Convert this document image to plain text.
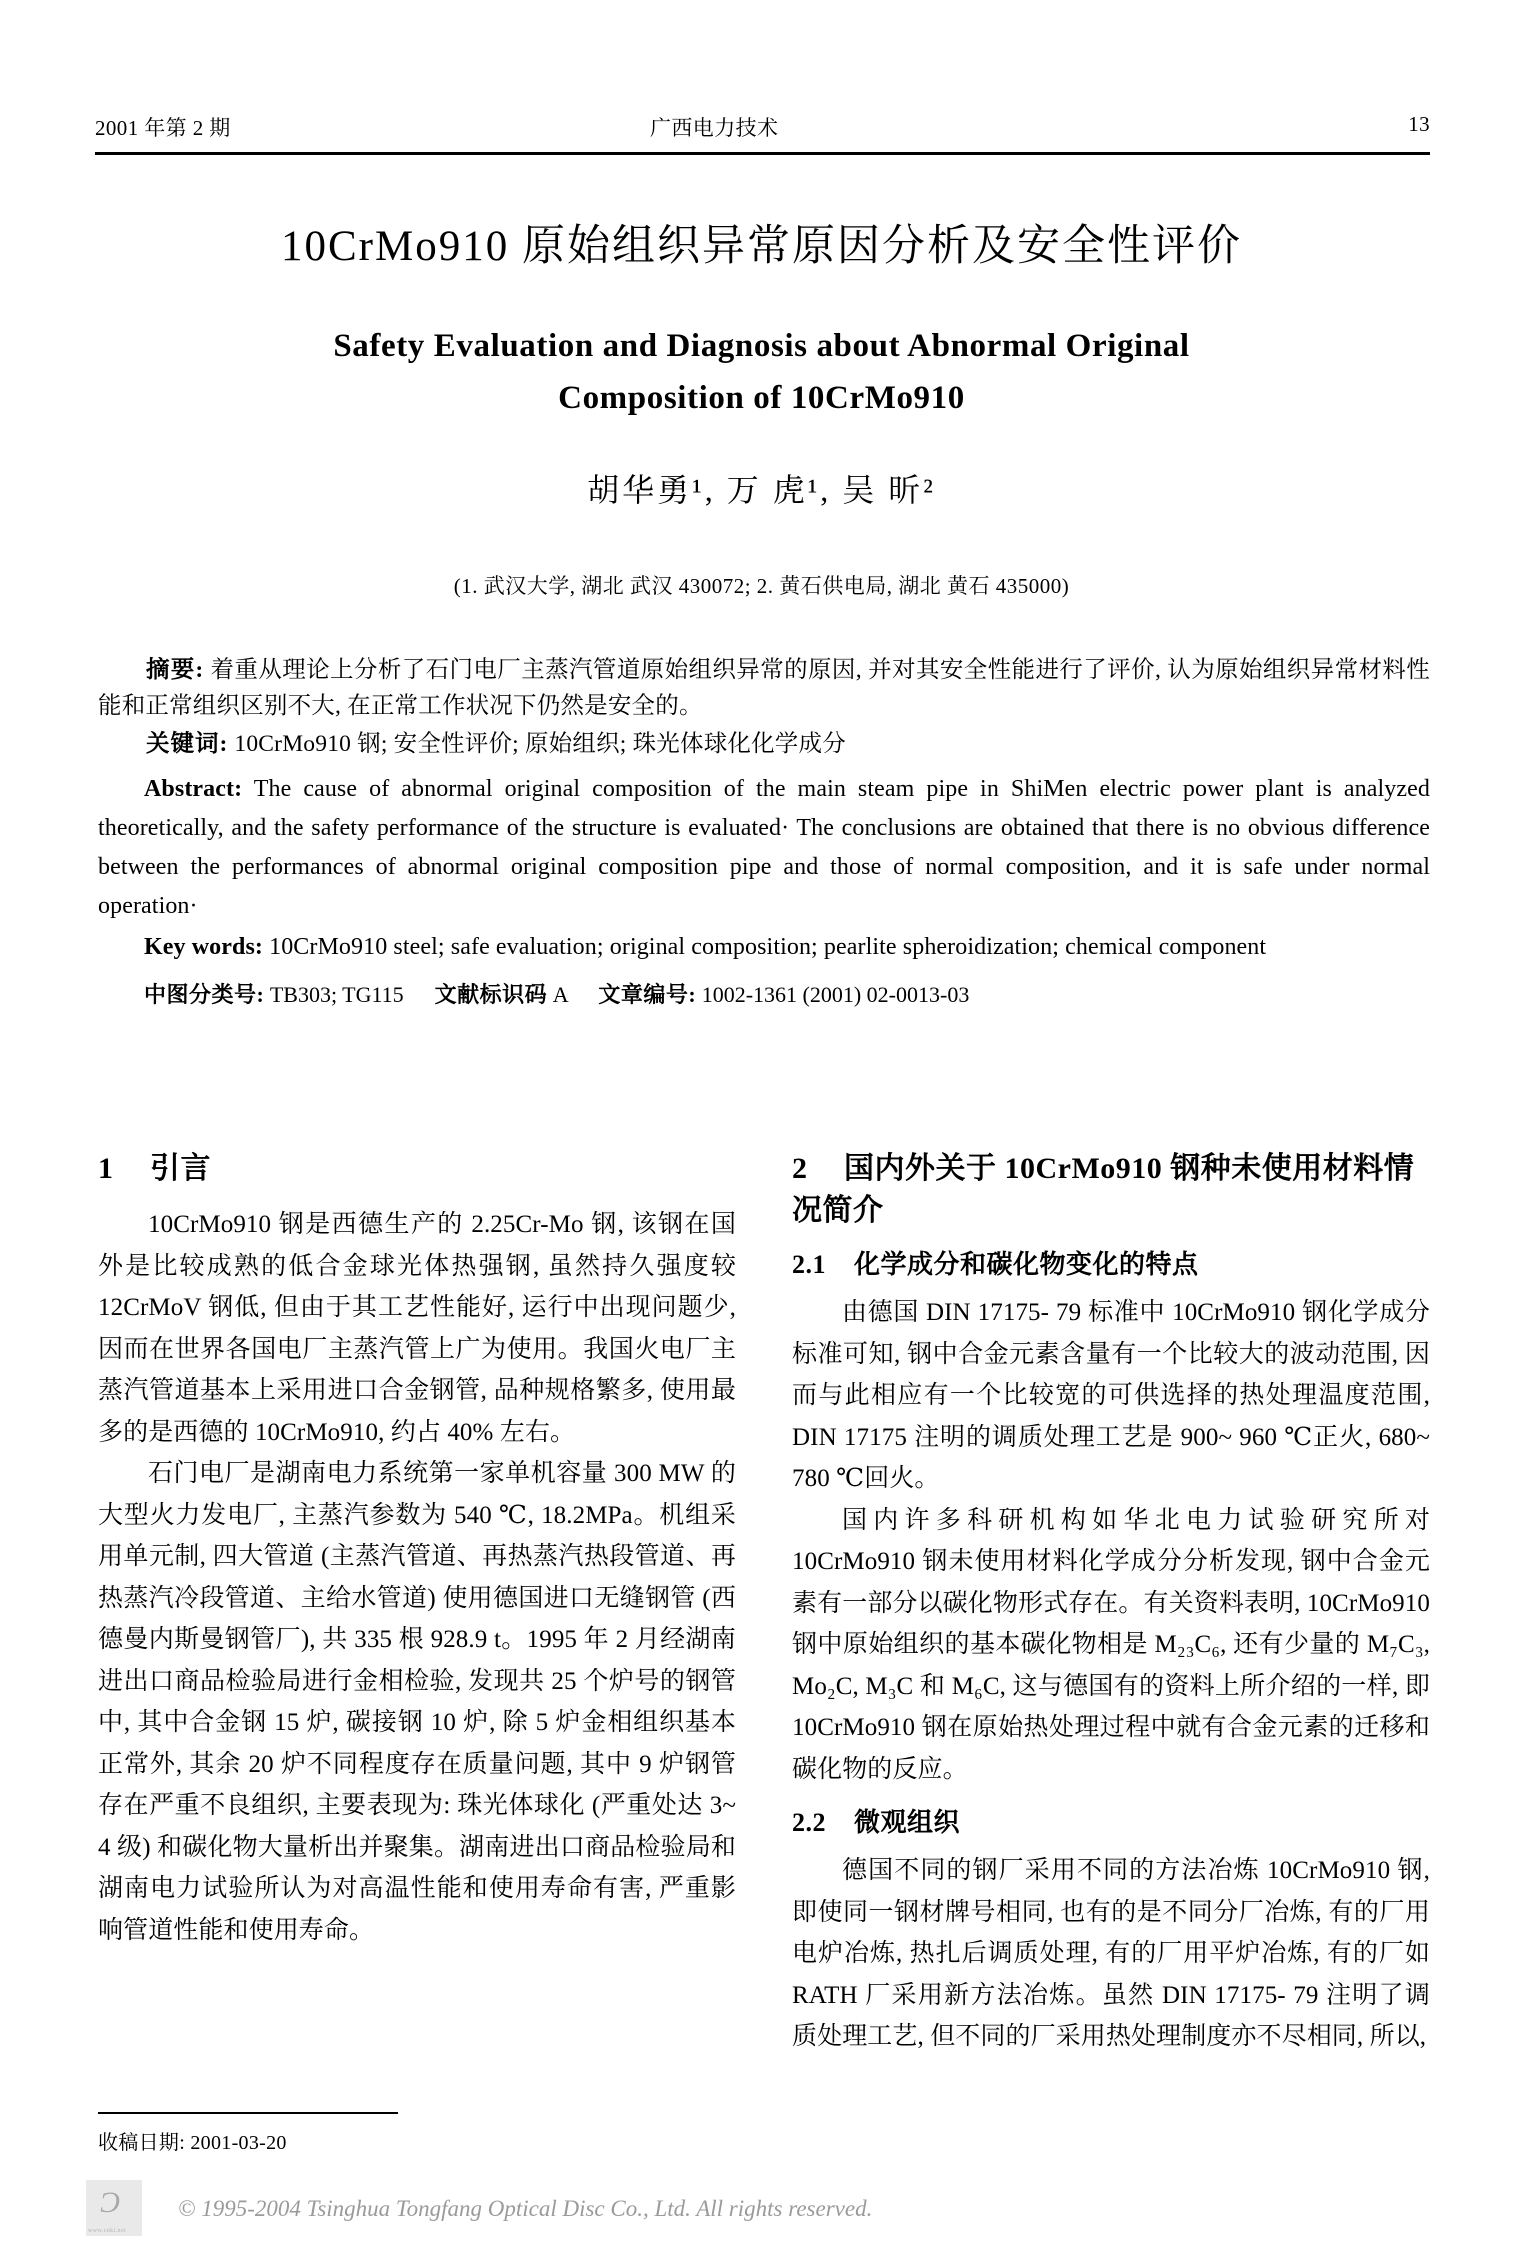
2001 年第 2 期	广西电力技术	13
10CrMo910 原始组织异常原因分析及安全性评价
Safety Evaluation and Diagnosis about Abnormal Original
Composition of 10CrMo910
胡华勇¹, 万 虎¹, 吴 昕²
(1. 武汉大学, 湖北 武汉 430072; 2. 黄石供电局, 湖北 黄石 435000)

摘要: 着重从理论上分析了石门电厂主蒸汽管道原始组织异常的原因, 并对其安全性能进行了评价, 认为原始组织异常材料性能和正常组织区别不大, 在正常工作状况下仍然是安全的。

关键词: 10CrMo910 钢; 安全性评价; 原始组织; 珠光体球化化学成分

Abstract: The cause of abnormal original composition of the main steam pipe in ShiMen electric power plant is analyzed theoretically, and the safety performance of the structure is evaluated· The conclusions are obtained that there is no obvious difference between the performances of abnormal original composition pipe and those of normal composition, and it is safe under normal operation·

Key words: 10CrMo910 steel; safe evaluation; original composition; pearlite spheroidization; chemical component

中图分类号: TB303; TG115 文献标识码 A 文章编号: 1002-1361 (2001) 02-0013-03

1 引言

10CrMo910 钢是西德生产的 2.25Cr-Mo 钢, 该钢在国外是比较成熟的低合金球光体热强钢, 虽然持久强度较 12CrMoV 钢低, 但由于其工艺性能好, 运行中出现问题少, 因而在世界各国电厂主蒸汽管上广为使用。我国火电厂主蒸汽管道基本上采用进口合金钢管, 品种规格繁多, 使用最多的是西德的 10CrMo910, 约占 40% 左右。

石门电厂是湖南电力系统第一家单机容量 300 MW 的大型火力发电厂, 主蒸汽参数为 540 ℃, 18.2MPa。机组采用单元制, 四大管道 (主蒸汽管道、再热蒸汽热段管道、再热蒸汽冷段管道、主给水管道) 使用德国进口无缝钢管 (西德曼内斯曼钢管厂), 共 335 根 928.9 t。1995 年 2 月经湖南进出口商品检验局进行金相检验, 发现共 25 个炉号的钢管中, 其中合金钢 15 炉, 碳接钢 10 炉, 除 5 炉金相组织基本正常外, 其余 20 炉不同程度存在质量问题, 其中 9 炉钢管存在严重不良组织, 主要表现为: 珠光体球化 (严重处达 3~ 4 级) 和碳化物大量析出并聚集。湖南进出口商品检验局和湖南电力试验所认为对高温性能和使用寿命有害, 严重影响管道性能和使用寿命。

2 国内外关于 10CrMo910 钢种未使用材料情况简介
2.1 化学成分和碳化物变化的特点

由德国 DIN 17175- 79 标准中 10CrMo910 钢化学成分标准可知, 钢中合金元素含量有一个比较大的波动范围, 因而与此相应有一个比较宽的可供选择的热处理温度范围, DIN 17175 注明的调质处理工艺是 900~ 960 ℃正火, 680~ 780 ℃回火。

国内许多科研机构如华北电力试验研究所对 10CrMo910 钢未使用材料化学成分分析发现, 钢中合金元素有一部分以碳化物形式存在。有关资料表明, 10CrMo910 钢中原始组织的基本碳化物相是 M₂₃C₆, 还有少量的 M₇C₃, Mo₂C, M₃C 和 M₆C, 这与德国有的资料上所介绍的一样, 即 10CrMo910 钢在原始热处理过程中就有合金元素的迁移和碳化物的反应。

2.2 微观组织

德国不同的钢厂采用不同的方法冶炼 10CrMo910 钢, 即使同一钢材牌号相同, 也有的是不同分厂冶炼, 有的厂用电炉冶炼, 热扎后调质处理, 有的厂用平炉冶炼, 有的厂如 RATH 厂采用新方法冶炼。虽然 DIN 17175- 79 注明了调质处理工艺, 但不同的厂采用热处理制度亦不尽相同, 所以,

收稿日期: 2001-03-20
Ɔ
www.cnki.net
© 1995-2004 Tsinghua Tongfang Optical Disc Co., Ltd. All rights reserved.
